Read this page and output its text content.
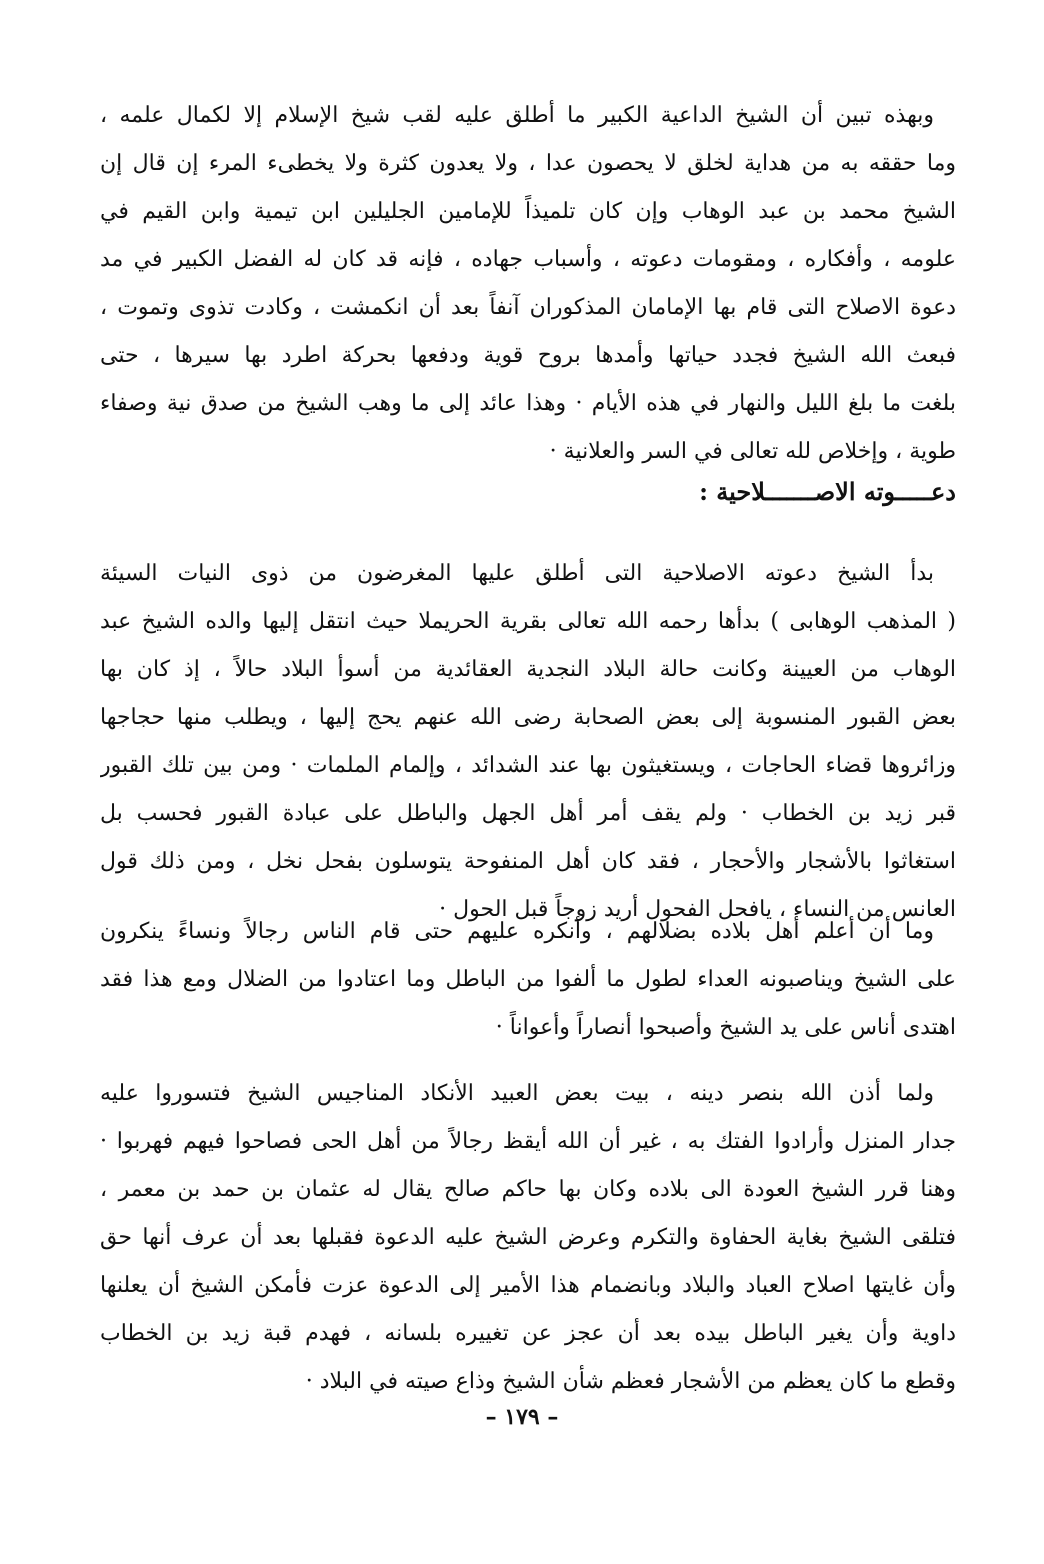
وبهذه تبين أن الشيخ الداعية الكبير ما أطلق عليه لقب شيخ الإسلام إلا لكمال علمه ،
وما حققه به من هداية لخلق لا يحصون عدا ، ولا يعدون كثرة ولا يخطىء المرء إن قال إن
الشيخ محمد بن عبد الوهاب وإن كان تلميذاً للإمامين الجليلين ابن تيمية وابن القيم في
علومه ، وأفكاره ، ومقومات دعوته ، وأسباب جهاده ، فإنه قد كان له الفضل الكبير في مد
دعوة الاصلاح التى قام بها الإمامان المذكوران آنفاً بعد أن انكمشت ، وكادت تذوى وتموت ،
فبعث الله الشيخ فجدد حياتها وأمدها بروح قوية ودفعها بحركة اطرد بها سيرها ، حتى
بلغت ما بلغ الليل والنهار في هذه الأيام · وهذا عائد إلى ما وهب الشيخ من صدق نية وصفاء
طوية ، وإخلاص لله تعالى في السر والعلانية ·
دعـــــوته الاصـــــــلاحية :
بدأ الشيخ دعوته الاصلاحية التى أطلق عليها المغرضون من ذوى النيات السيئة
( المذهب الوهابى ) بدأها رحمه الله تعالى بقرية الحريملا حيث انتقل إليها والده الشيخ عبد
الوهاب من العيينة وكانت حالة البلاد النجدية العقائدية من أسوأ البلاد حالاً ، إذ كان بها
بعض القبور المنسوبة إلى بعض الصحابة رضى الله عنهم يحج إليها ، ويطلب منها حجاجها
وزائروها قضاء الحاجات ، ويستغيثون بها عند الشدائد ، وإلمام الملمات · ومن بين تلك القبور
قبر زيد بن الخطاب · ولم يقف أمر أهل الجهل والباطل على عبادة القبور فحسب بل
استغاثوا بالأشجار والأحجار ، فقد كان أهل المنفوحة يتوسلون بفحل نخل ، ومن ذلك قول
العانس من النساء ، يافحل الفحول أريد زوجاً قبل الحول ·
وما أن أعلم أهل بلاده بضلالهم ، وأنكره عليهم حتى قام الناس رجالاً ونساءً ينكرون
على الشيخ ويناصبونه العداء لطول ما ألفوا من الباطل وما اعتادوا من الضلال ومع هذا فقد
اهتدى أناس على يد الشيخ وأصبحوا أنصاراً وأعواناً ·
ولما أذن الله بنصر دينه ، بيت بعض العبيد الأنكاد المناجيس الشيخ فتسوروا عليه
جدار المنزل وأرادوا الفتك به ، غير أن الله أيقظ رجالاً من أهل الحى فصاحوا فيهم فهربوا ·
وهنا قرر الشيخ العودة الى بلاده وكان بها حاكم صالح يقال له عثمان بن حمد بن معمر ،
فتلقى الشيخ بغاية الحفاوة والتكرم وعرض الشيخ عليه الدعوة فقبلها بعد أن عرف أنها حق
وأن غايتها اصلاح العباد والبلاد وبانضمام هذا الأمير إلى الدعوة عزت فأمكن الشيخ أن يعلنها
داوية وأن يغير الباطل بيده بعد أن عجز عن تغييره بلسانه ، فهدم قبة زيد بن الخطاب
وقطع ما كان يعظم من الأشجار فعظم شأن الشيخ وذاع صيته في البلاد ·
– ١٧٩ –
